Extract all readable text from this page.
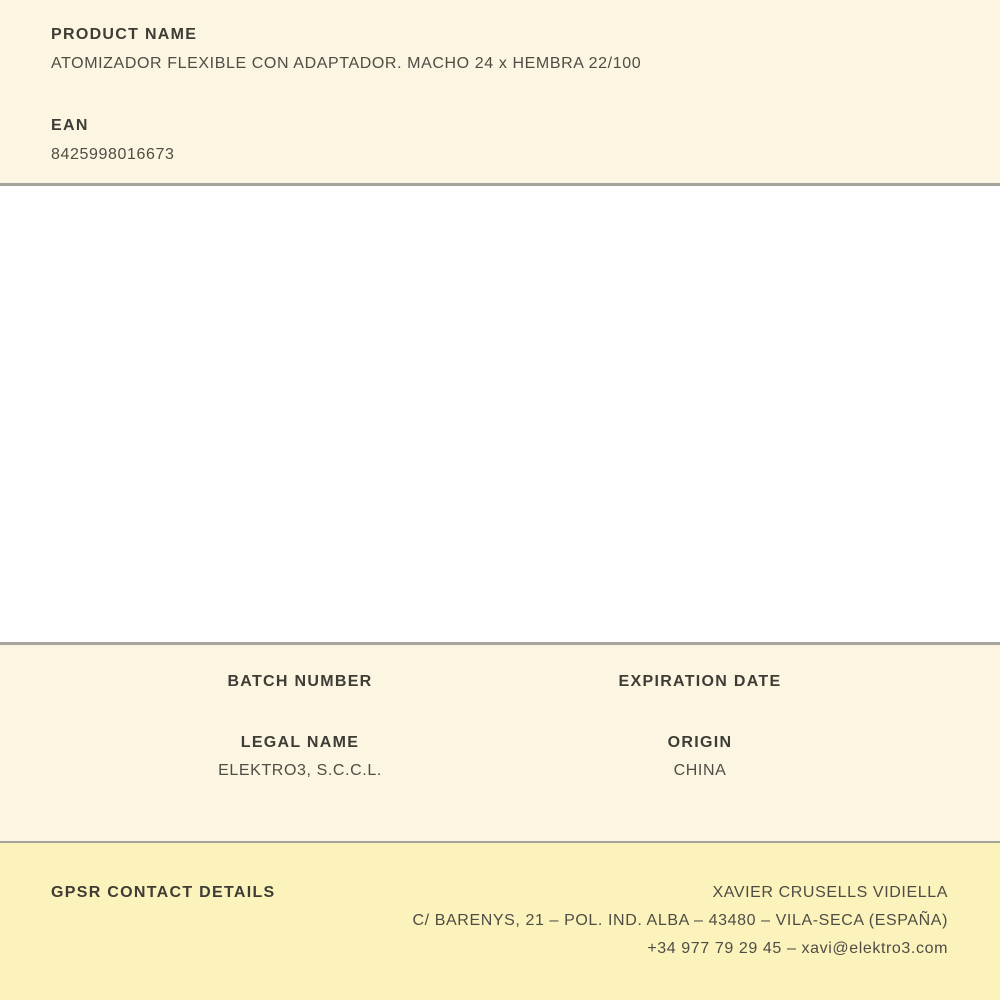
PRODUCT NAME
ATOMIZADOR FLEXIBLE CON ADAPTADOR. MACHO 24 x HEMBRA 22/100
EAN
8425998016673
BATCH NUMBER	EXPIRATION DATE
LEGAL NAME
ELEKTRO3, S.C.C.L.
ORIGIN
CHINA
GPSR CONTACT DETAILS	XAVIER CRUSELLS VIDIELLA
C/ BARENYS, 21 – POL. IND. ALBA – 43480 – VILA-SECA (ESPAÑA)
+34 977 79 29 45 – xavi@elektro3.com
